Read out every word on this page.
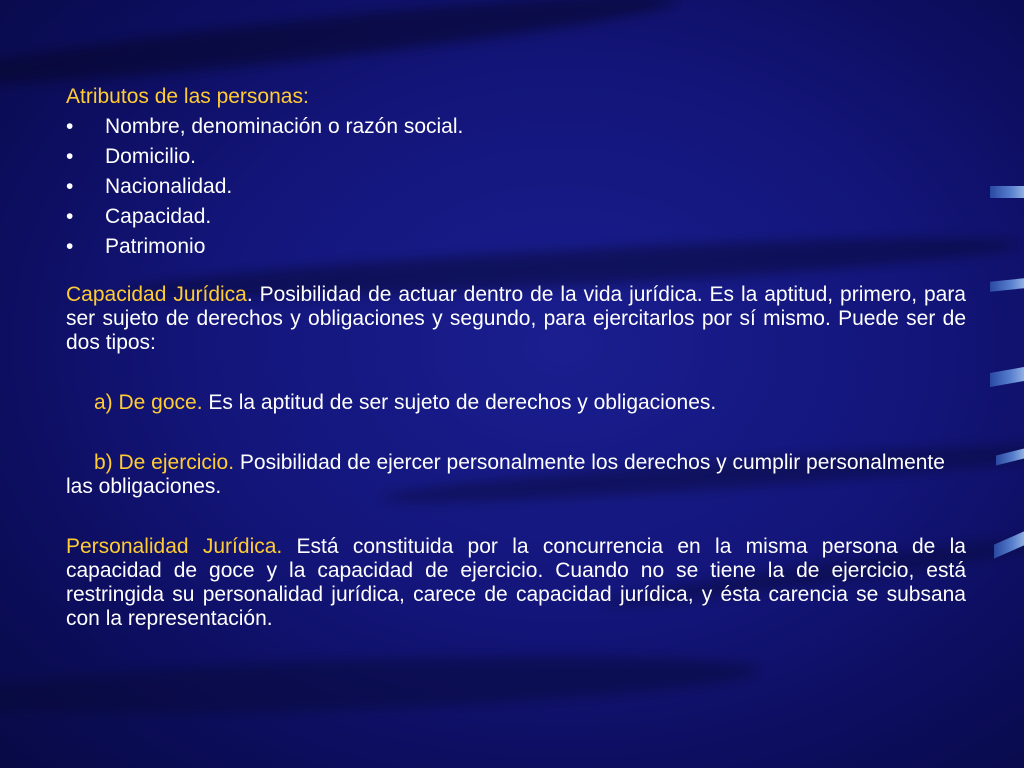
Atributos de las personas:

•	Nombre, denominación o razón social.
•	Domicilio.
•	Nacionalidad.
•	Capacidad.
•	Patrimonio

Capacidad Jurídica. Posibilidad de actuar dentro de la vida jurídica. Es la aptitud, primero, para ser sujeto de derechos y obligaciones y segundo, para ejercitarlos por sí mismo. Puede ser de dos tipos:

a) De goce. Es la aptitud de ser sujeto de derechos y obligaciones.

b) De ejercicio. Posibilidad de ejercer personalmente los derechos y cumplir personalmente las obligaciones.

Personalidad Jurídica. Está constituida por la concurrencia en la misma persona de la capacidad de goce y la capacidad de ejercicio. Cuando no se tiene la de ejercicio, está restringida su personalidad jurídica, carece de capacidad jurídica, y ésta carencia se subsana con la representación.
